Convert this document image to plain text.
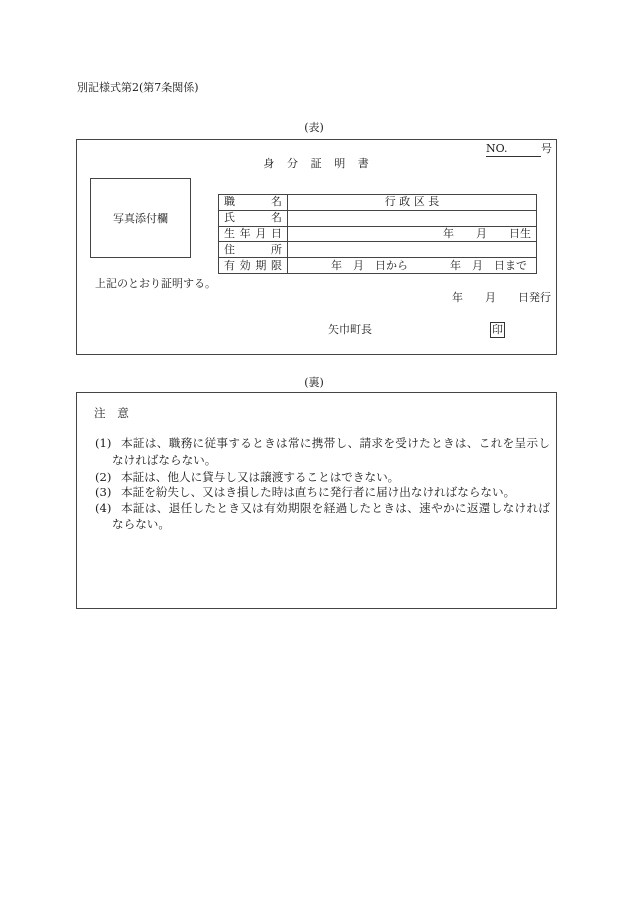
別記様式第2(第7条関係)
(表)
NO.	号
身　分　証　明　書
写真添付欄
職　　　名	行 政 区 長
氏　　　名
生 年 月 日	年　　月　　日生
住　　　所
有 効 期 限	年　月　日から	年　月　日まで
上記のとおり証明する。
年　　月　　日発行
矢巾町長	印
(裏)
注　意
(1) 本証は、職務に従事するときは常に携帯し、請求を受けたときは、これを呈示し
なければならない。
(2) 本証は、他人に貸与し又は譲渡することはできない。
(3) 本証を紛失し、又はき損した時は直ちに発行者に届け出なければならない。
(4) 本証は、退任したとき又は有効期限を経過したときは、速やかに返還しなければ
ならない。
